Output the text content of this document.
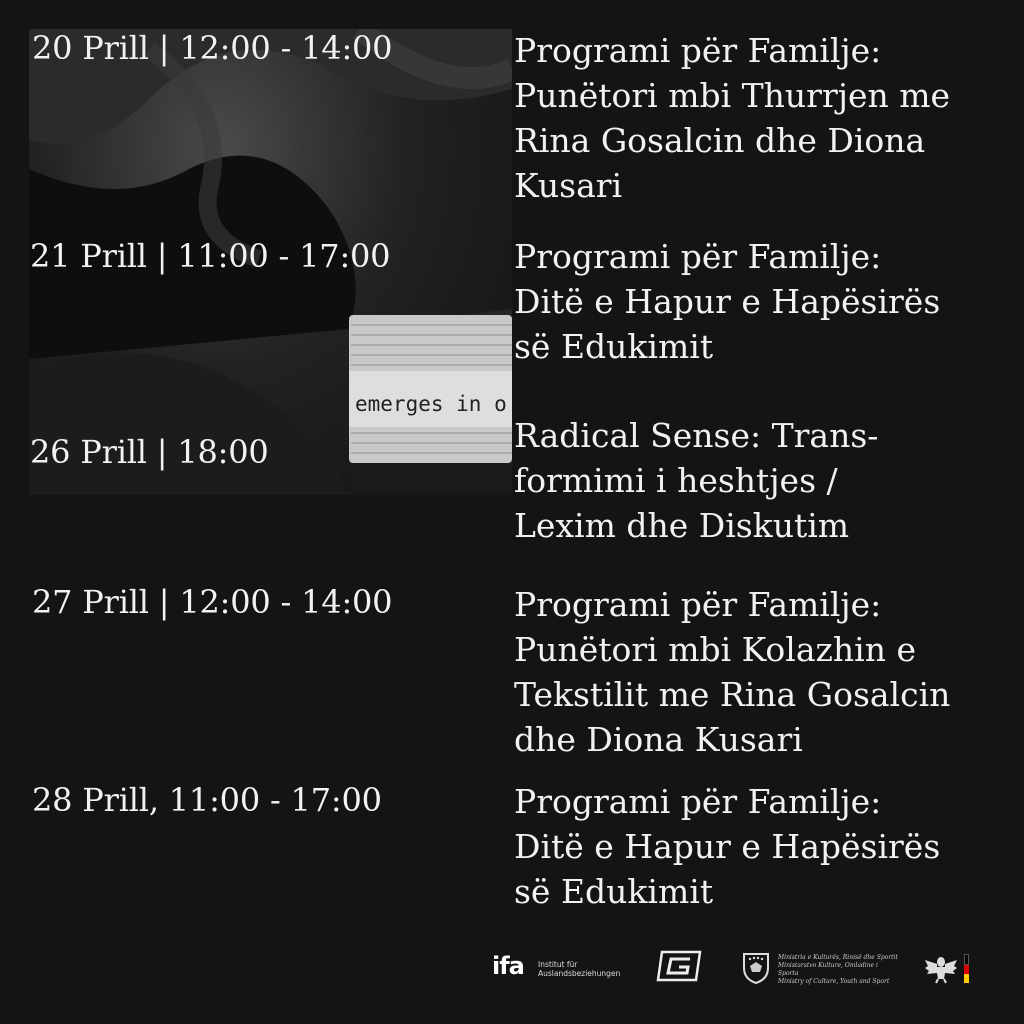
emerges in o
20 Prill | 12:00 - 14:00	Programi për Familje:
Punëtori mbi Thurrjen me
Rina Gosalcin dhe Diona
Kusari
21 Prill | 11:00 - 17:00	Programi për Familje:
Ditë e Hapur e Hapësirës
së Edukimit
26 Prill | 18:00	Radical Sense: Trans-
formimi i heshtjes /
Lexim dhe Diskutim
27 Prill | 12:00 - 14:00	Programi për Familje:
Punëtori mbi Kolazhin e
Tekstilit me Rina Gosalcin
dhe Diona Kusari
28 Prill, 11:00 - 17:00	Programi për Familje:
Ditë e Hapur e Hapësirës
së Edukimit
ifa Institut für
Auslandsbeziehungen
Ministria e Kulturës, Rinisë dhe Sportit
Ministarstvo Kulture, Omladine i Sporta
Ministry of Culture, Youth and Sport
